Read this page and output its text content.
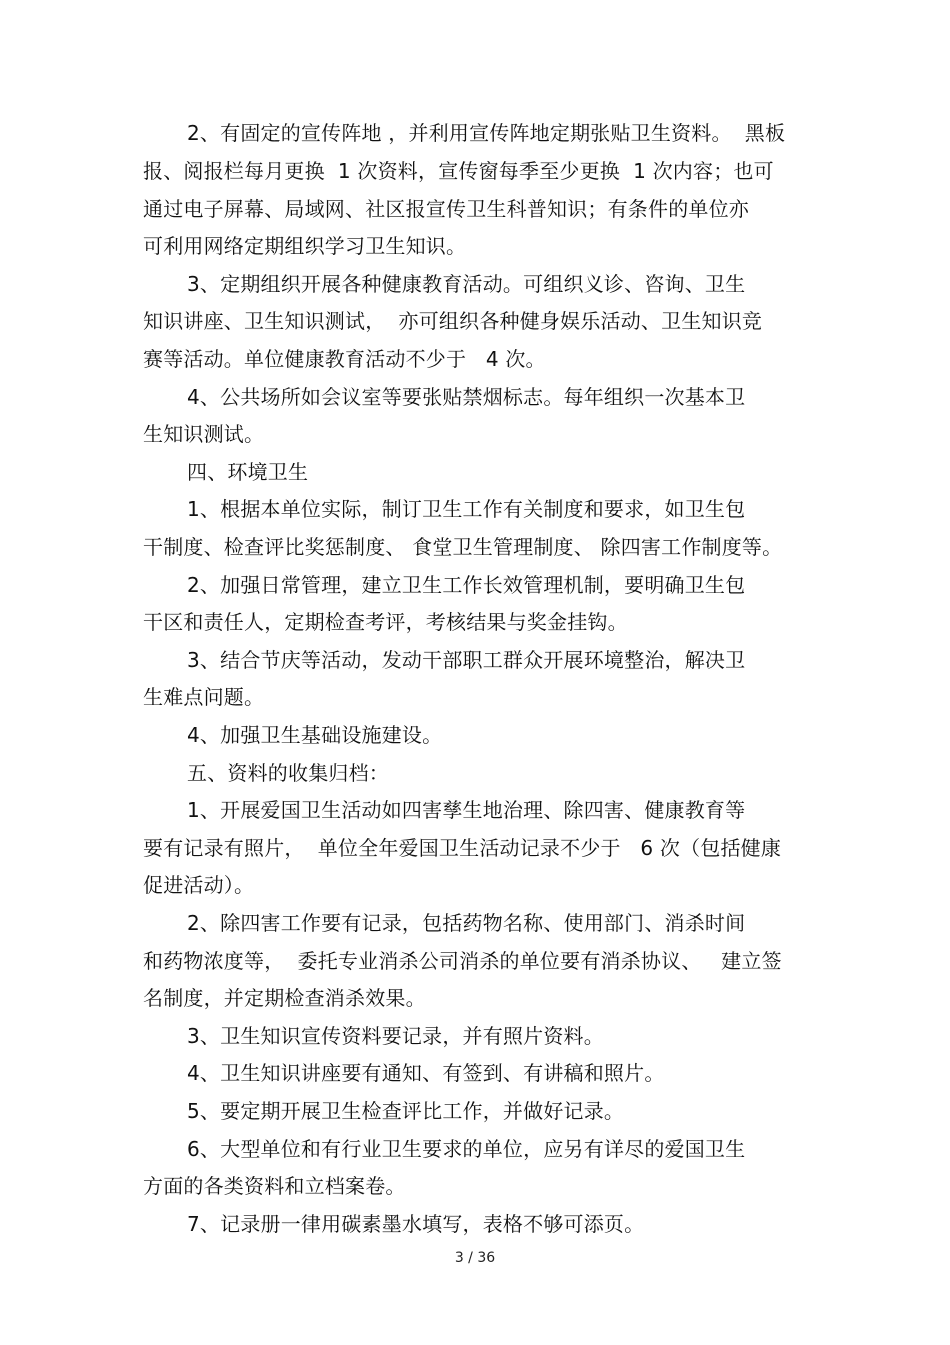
2、有固定的宣传阵地 ，并利用宣传阵地定期张贴卫生资料。  黑板
报、阅报栏每月更换  1 次资料，宣传窗每季至少更换  1 次内容；也可
通过电子屏幕、局域网、社区报宣传卫生科普知识；有条件的单位亦
可利用网络定期组织学习卫生知识。
3、定期组织开展各种健康教育活动。可组织义诊、咨询、卫生
知识讲座、卫生知识测试，  亦可组织各种健身娱乐活动、卫生知识竞
赛等活动。单位健康教育活动不少于   4 次。
4、公共场所如会议室等要张贴禁烟标志。每年组织一次基本卫
生知识测试。
四、环境卫生
1、根据本单位实际，制订卫生工作有关制度和要求，如卫生包
干制度、检查评比奖惩制度、 食堂卫生管理制度、 除四害工作制度等。
2、加强日常管理，建立卫生工作长效管理机制，要明确卫生包
干区和责任人，定期检查考评，考核结果与奖金挂钩。
3、结合节庆等活动，发动干部职工群众开展环境整治，解决卫
生难点问题。
4、加强卫生基础设施建设。
五、资料的收集归档：
1、开展爱国卫生活动如四害孳生地治理、除四害、健康教育等
要有记录有照片，  单位全年爱国卫生活动记录不少于   6 次（包括健康
促进活动）。
2、除四害工作要有记录，包括药物名称、使用部门、消杀时间
和药物浓度等，  委托专业消杀公司消杀的单位要有消杀协议、   建立签
名制度，并定期检查消杀效果。
3、卫生知识宣传资料要记录，并有照片资料。
4、卫生知识讲座要有通知、有签到、有讲稿和照片。
5、要定期开展卫生检查评比工作，并做好记录。
6、大型单位和有行业卫生要求的单位，应另有详尽的爱国卫生
方面的各类资料和立档案卷。
7、记录册一律用碳素墨水填写，表格不够可添页。
3 / 36
